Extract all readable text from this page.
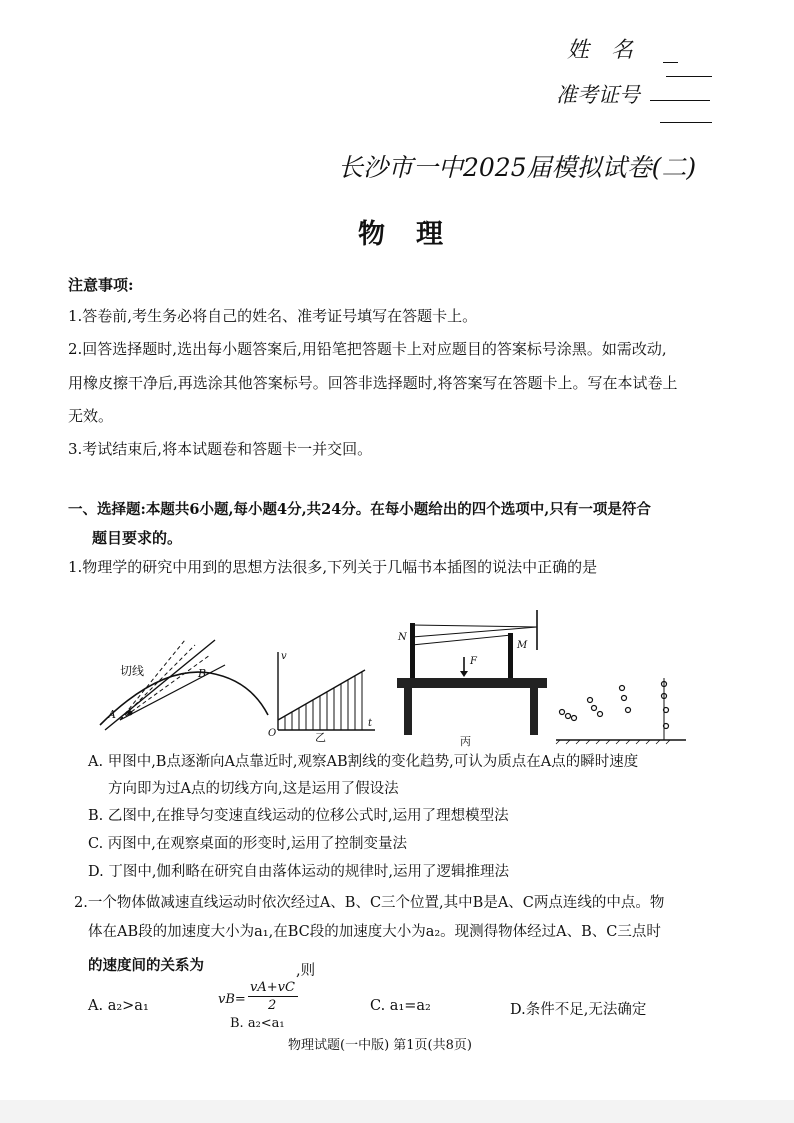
姓　名
准考证号
长沙市一中2025届模拟试卷(二)
物　理
注意事项:
1.答卷前,考生务必将自己的姓名、准考证号填写在答题卡上。
2.回答选择题时,选出每小题答案后,用铅笔把答题卡上对应题目的答案标号涂黑。如需改动,
用橡皮擦干净后,再选涂其他答案标号。回答非选择题时,将答案写在答题卡上。写在本试卷上
无效。
3.考试结束后,将本试题卷和答题卡一并交回。
一、选择题:本题共6小题,每小题4分,共24分。在每小题给出的四个选项中,只有一项是符合
题目要求的。
1.物理学的研究中用到的思想方法很多,下列关于几幅书本插图的说法中正确的是
切线
A
B
v
t
O	乙
F
M
N
丙
A. 甲图中,B点逐渐向A点靠近时,观察AB割线的变化趋势,可认为质点在A点的瞬时速度
方向即为过A点的切线方向,这是运用了假设法
B. 乙图中,在推导匀变速直线运动的位移公式时,运用了理想模型法
C. 丙图中,在观察桌面的形变时,运用了控制变量法
D. 丁图中,伽利略在研究自由落体运动的规律时,运用了逻辑推理法
2.一个物体做减速直线运动时依次经过A、B、C三个位置,其中B是A、C两点连线的中点。物
体在AB段的加速度大小为a₁,在BC段的加速度大小为a₂。现测得物体经过A、B、C三点时
的速度间的关系为	,则
vB=
vA+vC
2
A. a₂>a₁
B. a₂<a₁
C. a₁=a₂	D.条件不足,无法确定
物理试题(一中版) 第1页(共8页)
